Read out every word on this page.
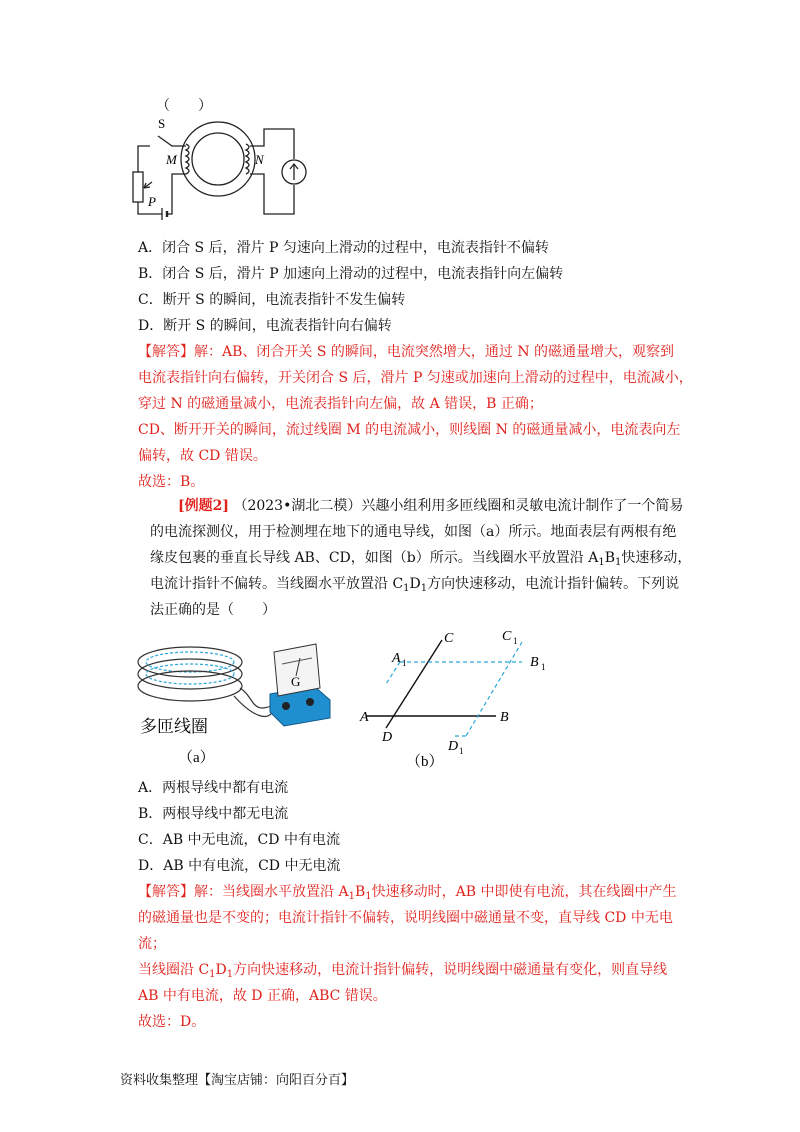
（　　）
S
M	N
P
A．闭合 S 后，滑片 P 匀速向上滑动的过程中，电流表指针不偏转
B．闭合 S 后，滑片 P 加速向上滑动的过程中，电流表指针向左偏转
C．断开 S 的瞬间，电流表指针不发生偏转
D．断开 S 的瞬间，电流表指针向右偏转
【解答】解：AB、闭合开关 S 的瞬间，电流突然增大，通过 N 的磁通量增大，观察到
电流表指针向右偏转，开关闭合 S 后，滑片 P 匀速或加速向上滑动的过程中，电流减小，
穿过 N 的磁通量减小，电流表指针向左偏，故 A 错误，B 正确；
CD、断开开关的瞬间，流过线圈 M 的电流减小，则线圈 N 的磁通量减小，电流表向左
偏转，故 CD 错误。
故选：B。
[例题2] （2023•湖北二模）兴趣小组利用多匝线圈和灵敏电流计制作了一个简易
的电流探测仪，用于检测埋在地下的通电导线，如图（a）所示。地面表层有两根有绝
缘皮包裹的垂直长导线 AB、CD，如图（b）所示。当线圈水平放置沿 $A_1B_1$快速移动，
电流计指针不偏转。当线圈水平放置沿 $C_1D_1$方向快速移动，电流计指针偏转。下列说
法正确的是（　　）
G
多匝线圈
（a）
A 1
C	C 1
B 1
A	B
D
D 1
（b）
A．两根导线中都有电流
B．两根导线中都无电流
C．AB 中无电流，CD 中有电流
D．AB 中有电流，CD 中无电流
【解答】解：当线圈水平放置沿 $A_1B_1$快速移动时，AB 中即使有电流，其在线圈中产生
的磁通量也是不变的；电流计指针不偏转，说明线圈中磁通量不变，直导线 CD 中无电
流；
当线圈沿 $C_1D_1$方向快速移动，电流计指针偏转，说明线圈中磁通量有变化，则直导线
AB 中有电流，故 D 正确，ABC 错误。
故选：D。
资料收集整理【淘宝店铺：向阳百分百】
